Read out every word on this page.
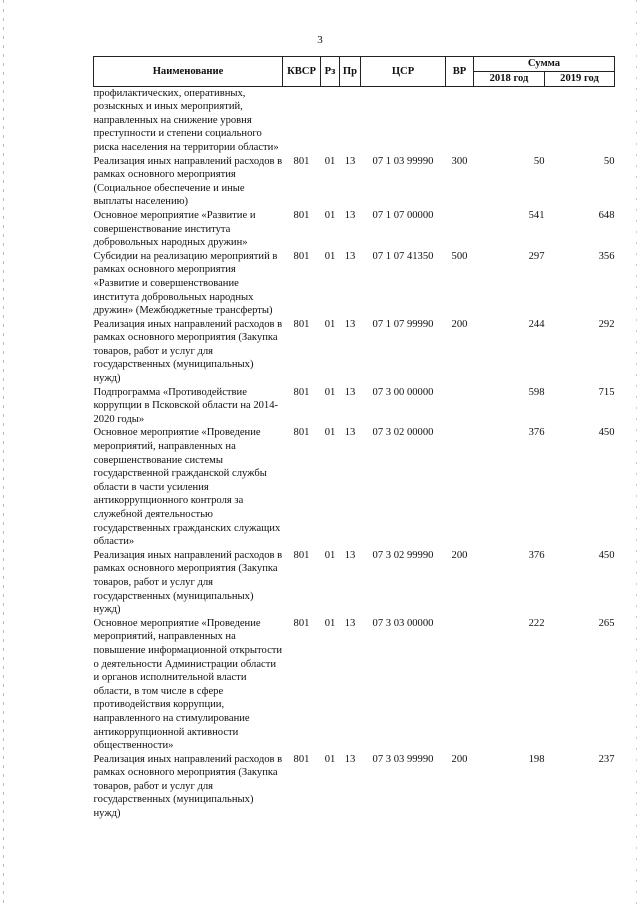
3
Наименование	КВСР	Рз	Пр	ЦСР	ВР	Сумма	
						2018 год	2019 год
профилактических, оперативных, розыскных и иных мероприятий, направленных на снижение уровня преступности и степени социального риска населения на территории области»							
Реализация иных направлений расходов в рамках основного мероприятия (Социальное обеспечение и иные выплаты населению)	801	01	13	07 1 03 99990	300	50	50
Основное мероприятие «Развитие и совершенствование института добровольных народных дружин»	801	01	13	07 1 07 00000		541	648
Субсидии на реализацию мероприятий в рамках основного мероприятия «Развитие и совершенствование института добровольных народных дружин» (Межбюджетные трансферты)	801	01	13	07 1 07 41350	500	297	356
Реализация иных направлений расходов в рамках основного мероприятия (Закупка товаров, работ и услуг для государственных (муниципальных) нужд)	801	01	13	07 1 07 99990	200	244	292
Подпрограмма «Противодействие коррупции в Псковской области на 2014-2020 годы»	801	01	13	07 3 00 00000		598	715
Основное мероприятие «Проведение мероприятий, направленных на совершенствование системы государственной гражданской службы области в части усиления антикоррупционного контроля за служебной деятельностью государственных гражданских служащих области»	801	01	13	07 3 02 00000		376	450
Реализация иных направлений расходов в рамках основного мероприятия (Закупка товаров, работ и услуг для государственных (муниципальных) нужд)	801	01	13	07 3 02 99990	200	376	450
Основное мероприятие «Проведение мероприятий, направленных на повышение информационной открытости о деятельности Администрации области и органов исполнительной власти области, в том числе в сфере противодействия коррупции, направленного на стимулирование антикоррупционной активности общественности»	801	01	13	07 3 03 00000		222	265
Реализация иных направлений расходов в рамках основного мероприятия (Закупка товаров, работ и услуг для государственных (муниципальных) нужд)	801	01	13	07 3 03 99990	200	198	237
